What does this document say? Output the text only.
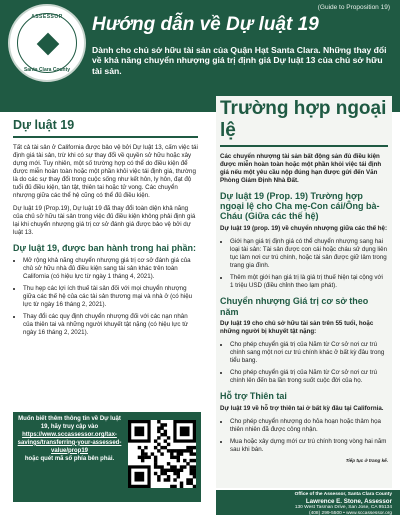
ASSESSOR
Santa Clara County
(Guide to Proposition 19)
Hướng dẫn về Dự luật 19

Dành cho chủ sở hữu tài sản của Quận Hạt Santa Clara. Những thay đổi về khả năng chuyển nhượng giá trị định giá Dự luật 13 của chủ sở hữu tài sản.

Dự luật 19

Tất cả tài sản ở California được bảo vệ bởi Dự luật 13, cấm việc tái định giá tài sản, trừ khi có sự thay đổi về quyền sở hữu hoặc xây dựng mới. Tuy nhiên, một số trường hợp có thể do điều kiện để được miễn hoàn toàn hoặc một phần khỏi việc tái định giá, thường là do các sự thay đổi trong cuộc sống như kết hôn, ly hôn, đạt độ tuổi đủ điều kiện, tàn tật, thiên tai hoặc tử vong. Các chuyển nhượng giữa các thể hệ cũng có thể đủ điều kiện.

Dự luật 19 (Prop.19), Dự luật 19 đã thay đổi toàn diện khả năng của chủ sở hữu tài sản trong việc đủ điều kiện không phải định giá lại khi chuyển nhượng giá trị cơ sở đánh giá được bảo vệ bởi dự luật 13.

Dự luật 19, được ban hành trong hai phần:
• Mở rộng khả năng chuyển nhượng giá trị cơ sở đánh giá của chủ sở hữu nhà đủ điều kiện sang tài sản khác trên toàn California (có hiệu lực từ ngày 1 tháng 4, 2021).
• Thu hẹp các lợi ích thuế tài sản đối với mọi chuyển nhượng giữa các thế hệ của các tài sản thương mại và nhà ở (có hiệu lực từ ngày 16 tháng 2, 2021).
• Thay đổi các quy định chuyển nhượng đối với các nạn nhân của thiên tai và những người khuyết tật nặng (có hiệu lực từ ngày 16 tháng 2, 2021).
Muốn biết thêm thông tin về Dự luật 19, hãy truy cập vào
https://www.sccassessor.org/tax-savings/transferring-your-assessed-value/prop19
hoặc quét mã số phía bên phải.
Trường hợp ngoại lệ

Các chuyển nhượng tài sản bất động sản đủ điều kiện được miễn hoàn toàn hoặc một phần khỏi việc tái định giá nếu một yêu cầu nộp đúng hạn được gửi đến Văn Phòng Giám Định Nhà Đất.

Dự luật 19 (Prop. 19) Trường hợp ngoại lệ cho Cha mẹ-Con cái/Ông bà-Cháu (Giữa các thế hệ)

Dự luật 19 (prop. 19) về chuyển nhượng giữa các thế hệ:

• Giới hạn giá trị định giá có thể chuyển nhượng sang hai loại tài sản: Tài sản được con cái hoặc cháu sử dụng liên tục làm nơi cư trú chính, hoặc tài sản được giữ lâm trong trang gia đình.
• Thêm một giới hạn giá trị là giá trị thuế hiện tại cộng với 1 triệu USD (điều chỉnh theo lạm phát).
Chuyển nhượng Giá trị cơ sở theo năm

Dự luật 19 cho chủ sở hữu tài sản trên 55 tuổi, hoặc những người bị khuyết tật nặng:

• Cho phép chuyển giá trị của Năm từ Cơ sở nơi cư trú chính sang một nơi cư trú chính khác ở bất kỳ đâu trong tiểu bang.
• Cho phép chuyển giá trị của Năm từ Cơ sở nơi cư trú chính lên đến ba lần trong suốt cuộc đời của họ.
Hỗ trợ Thiên tai

Dự luật 19 về hỗ trợ thiên tai ở bất kỳ đâu tại California.

• Cho phép chuyển nhượng do hỏa hoạn hoặc thảm họa thiên nhiên đã được công nhận.
• Mua hoặc xây dựng mới cư trú chính trong vòng hai năm sau khi bán.
Tiếp tục ở trang kế.
Office of the Assessor, Santa Clara County
Lawrence E. Stone, Assessor
130 West Tasman Drive, San Jose, CA 95134
(408) 299-5500 • www.sccassessor.org
